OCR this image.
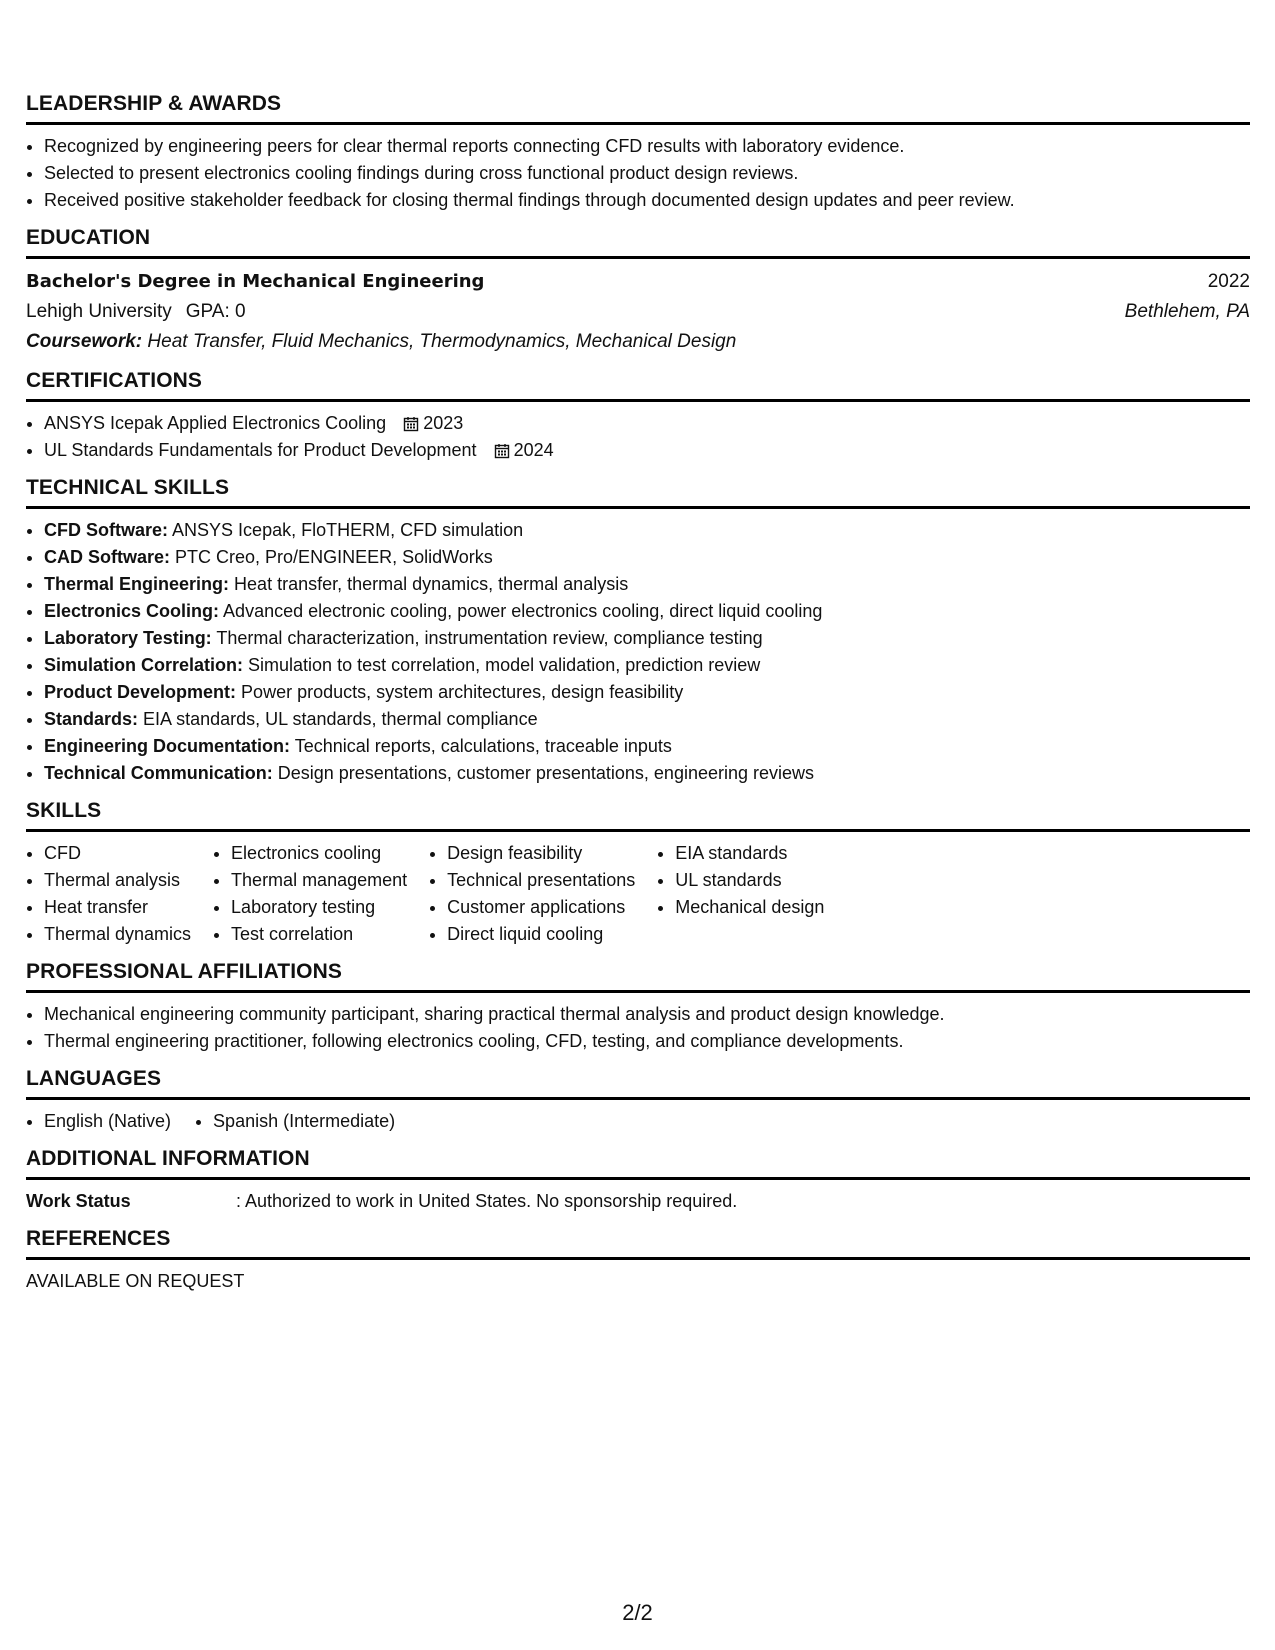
LEADERSHIP & AWARDS
• Recognized by engineering peers for clear thermal reports connecting CFD results with laboratory evidence.
• Selected to present electronics cooling findings during cross functional product design reviews.
• Received positive stakeholder feedback for closing thermal findings through documented design updates and peer review.
EDUCATION
Bachelor's Degree in Mechanical Engineering	2022
Lehigh University GPA: 0	Bethlehem, PA
Coursework: Heat Transfer, Fluid Mechanics, Thermodynamics, Mechanical Design
CERTIFICATIONS
• ANSYS Icepak Applied Electronics Cooling 2023
• UL Standards Fundamentals for Product Development 2024
TECHNICAL SKILLS
• CFD Software: ANSYS Icepak, FloTHERM, CFD simulation
• CAD Software: PTC Creo, Pro/ENGINEER, SolidWorks
• Thermal Engineering: Heat transfer, thermal dynamics, thermal analysis
• Electronics Cooling: Advanced electronic cooling, power electronics cooling, direct liquid cooling
• Laboratory Testing: Thermal characterization, instrumentation review, compliance testing
• Simulation Correlation: Simulation to test correlation, model validation, prediction review
• Product Development: Power products, system architectures, design feasibility
• Standards: EIA standards, UL standards, thermal compliance
• Engineering Documentation: Technical reports, calculations, traceable inputs
• Technical Communication: Design presentations, customer presentations, engineering reviews
SKILLS
• CFD
• Thermal analysis
• Heat transfer
• Thermal dynamics
• Electronics cooling
• Thermal management
• Laboratory testing
• Test correlation
• Design feasibility
• Technical presentations
• Customer applications
• Direct liquid cooling
• EIA standards
• UL standards
• Mechanical design
PROFESSIONAL AFFILIATIONS
• Mechanical engineering community participant, sharing practical thermal analysis and product design knowledge.
• Thermal engineering practitioner, following electronics cooling, CFD, testing, and compliance developments.
LANGUAGES
• English (Native)
• Spanish (Intermediate)
ADDITIONAL INFORMATION
Work Status	: Authorized to work in United States. No sponsorship required.
REFERENCES
AVAILABLE ON REQUEST
2/2
